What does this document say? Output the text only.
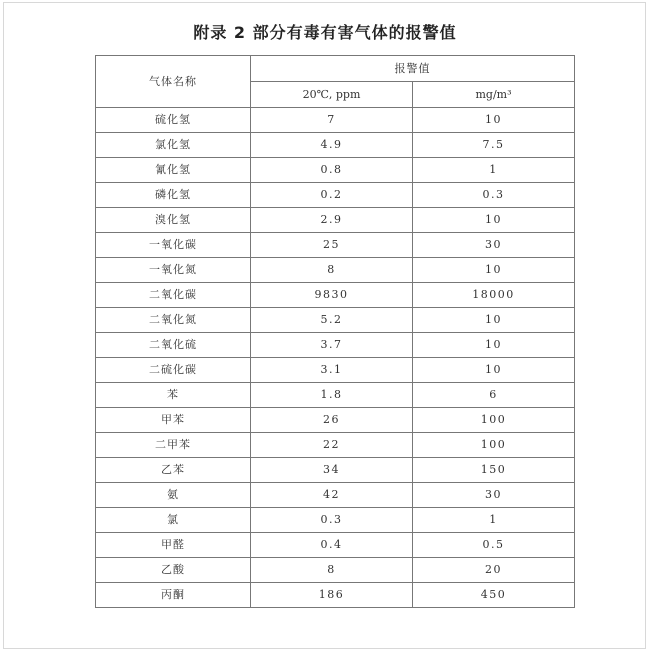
附录 2 部分有毒有害气体的报警值
气体名称	报警值	
	20℃, ppm	mg/m³
硫化氢	7	10
氯化氢	4.9	7.5
氰化氢	0.8	1
磷化氢	0.2	0.3
溴化氢	2.9	10
一氧化碳	25	30
一氧化氮	8	10
二氧化碳	9830	18000
二氧化氮	5.2	10
二氧化硫	3.7	10
二硫化碳	3.1	10
苯	1.8	6
甲苯	26	100
二甲苯	22	100
乙苯	34	150
氨	42	30
氯	0.3	1
甲醛	0.4	0.5
乙酸	8	20
丙酮	186	450
